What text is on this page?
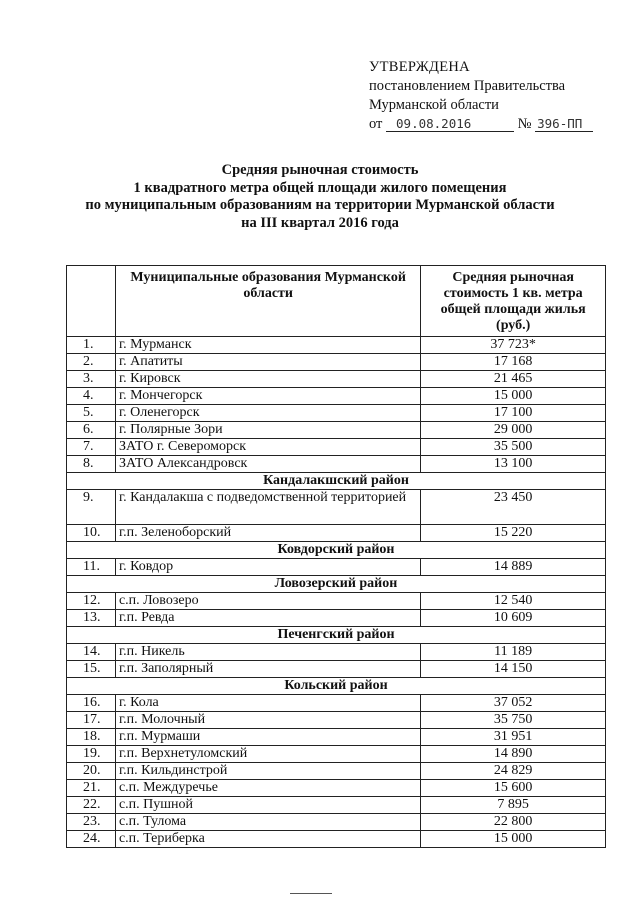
УТВЕРЖДЕНА
постановлением Правительства
Мурманской области
от 09.08.2016	№ 396-ПП
Средняя рыночная стоимость
1 квадратного метра общей площади жилого помещения
по муниципальным образованиям на территории Мурманской области
на III квартал 2016 года
	Муниципальные образования Мурманской области	Средняя рыночная стоимость 1 кв. метра общей площади жилья (руб.)
1.	г. Мурманск	37 723*
2.	г. Апатиты	17 168
3.	г. Кировск	21 465
4.	г. Мончегорск	15 000
5.	г. Оленегорск	17 100
6.	г. Полярные Зори	29 000
7.	ЗАТО г. Североморск	35 500
8.	ЗАТО Александровск	13 100
Кандалакшский район		
9.	г. Кандалакша с подведомственной территорией	23 450
10.	г.п. Зеленоборский	15 220
Ковдорский район		
11.	г. Ковдор	14 889
Ловозерский район		
12.	с.п. Ловозеро	12 540
13.	г.п. Ревда	10 609
Печенгский район		
14.	г.п. Никель	11 189
15.	г.п. Заполярный	14 150
Кольский район		
16.	г. Кола	37 052
17.	г.п. Молочный	35 750
18.	г.п. Мурмаши	31 951
19.	г.п. Верхнетуломский	14 890
20.	г.п. Кильдинстрой	24 829
21.	с.п. Междуречье	15 600
22.	с.п. Пушной	7 895
23.	с.п. Тулома	22 800
24.	с.п. Териберка	15 000
